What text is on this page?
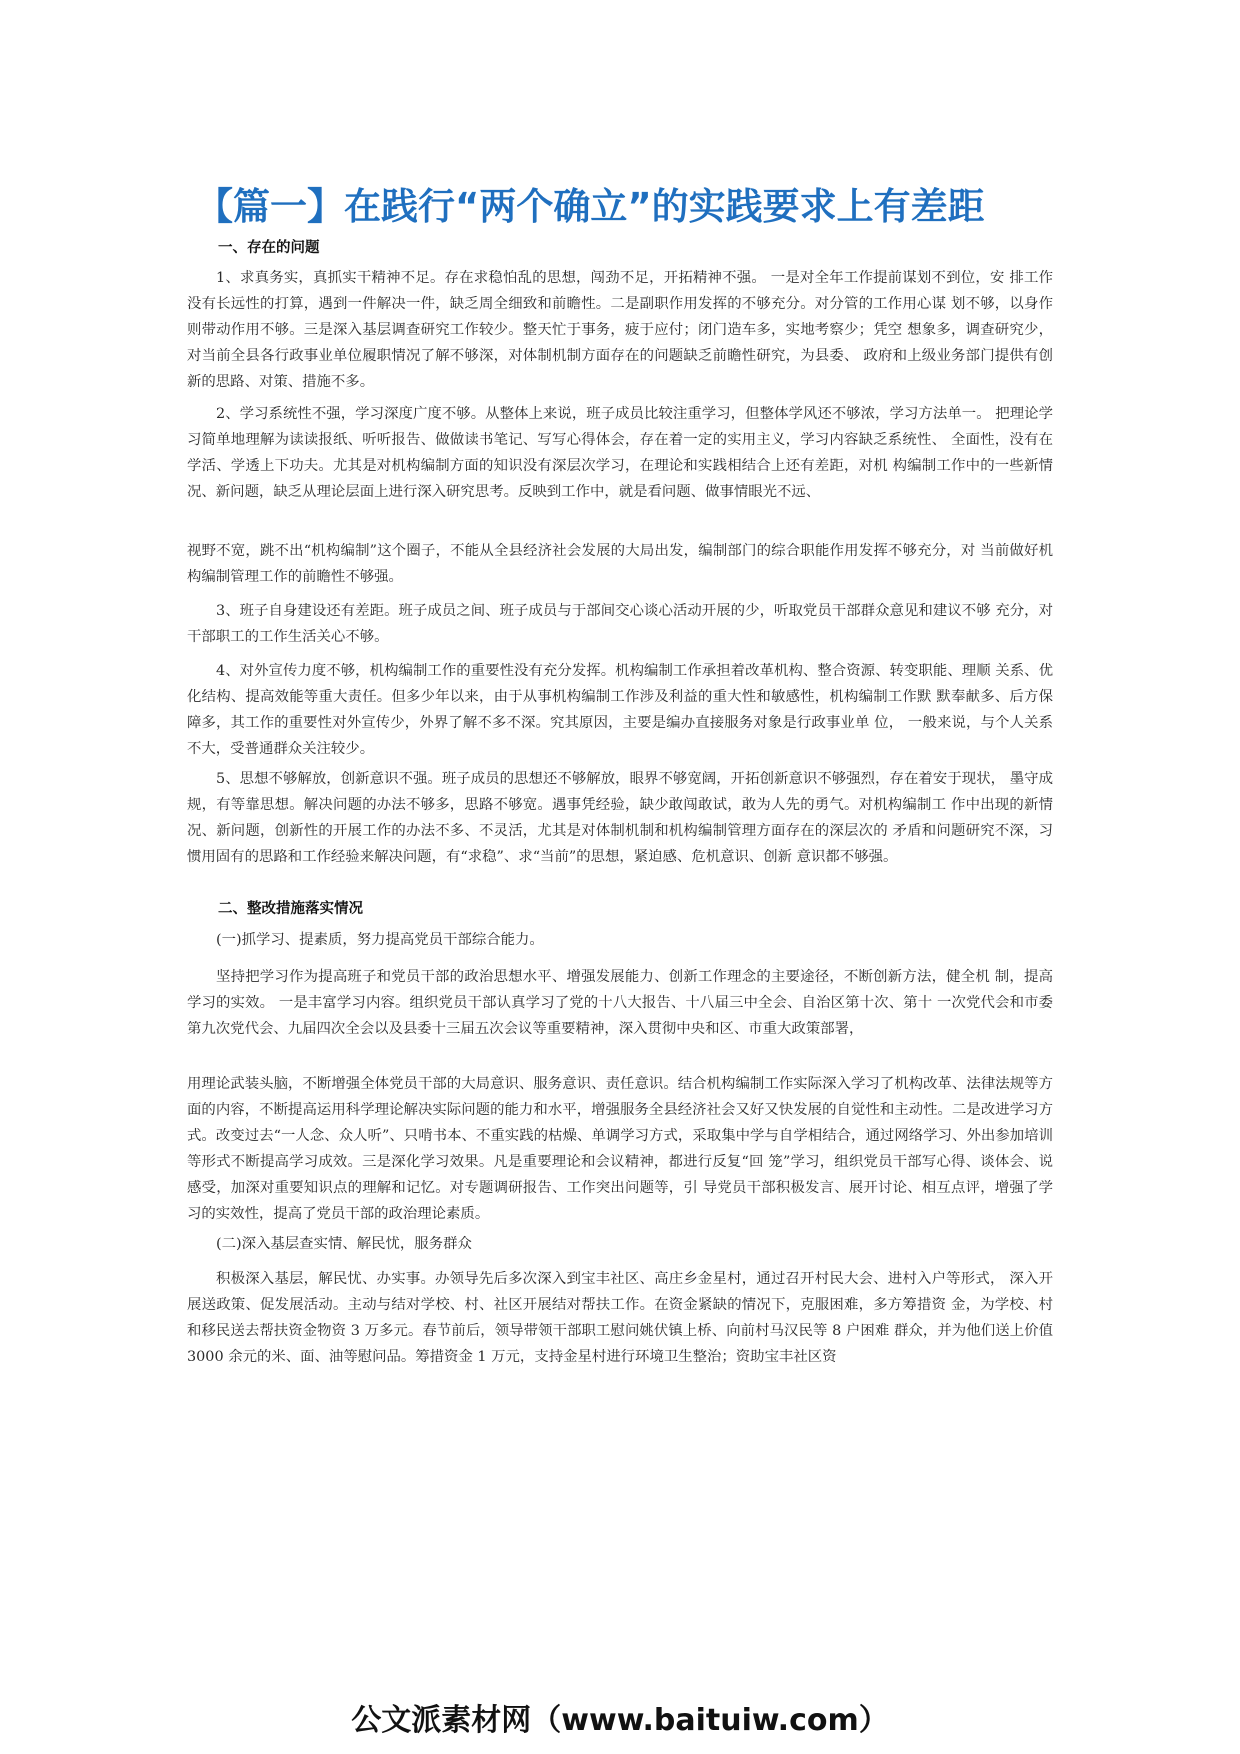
【篇一】在践行“两个确立”的实践要求上有差距
一、存在的问题

1、求真务实，真抓实干精神不足。存在求稳怕乱的思想，闯劲不足，开拓精神不强。 一是对全年工作提前谋划不到位，安 排工作没有长远性的打算，遇到一件解决一件，缺乏周全细致和前瞻性。二是副职作用发挥的不够充分。对分管的工作用心谋 划不够，以身作则带动作用不够。三是深入基层调查研究工作较少。整天忙于事务，疲于应付；闭门造车多，实地考察少；凭空 想象多，调查研究少，对当前全县各行政事业单位履职情况了解不够深，对体制机制方面存在的问题缺乏前瞻性研究，为县委、 政府和上级业务部门提供有创新的思路、对策、措施不多。

2、学习系统性不强，学习深度广度不够。从整体上来说，班子成员比较注重学习，但整体学风还不够浓，学习方法单一。 把理论学习简单地理解为读读报纸、听听报告、做做读书笔记、写写心得体会，存在着一定的实用主义，学习内容缺乏系统性、 全面性，没有在学活、学透上下功夫。尤其是对机构编制方面的知识没有深层次学习，在理论和实践相结合上还有差距，对机 构编制工作中的一些新情况、新问题，缺乏从理论层面上进行深入研究思考。反映到工作中，就是看问题、做事情眼光不远、

视野不宽，跳不出“机构编制”这个圈子，不能从全县经济社会发展的大局出发，编制部门的综合职能作用发挥不够充分，对 当前做好机构编制管理工作的前瞻性不够强。

3、班子自身建设还有差距。班子成员之间、班子成员与于部间交心谈心活动开展的少，听取党员干部群众意见和建议不够 充分，对干部职工的工作生活关心不够。

4、对外宣传力度不够，机构编制工作的重要性没有充分发挥。机构编制工作承担着改革机构、整合资源、转变职能、理顺 关系、优化结构、提高效能等重大责任。但多少年以来，由于从事机构编制工作涉及利益的重大性和敏感性，机构编制工作默 默奉献多、后方保障多，其工作的重要性对外宣传少，外界了解不多不深。究其原因，主要是编办直接服务对象是行政事业单 位， 一般来说，与个人关系不大，受普通群众关注较少。

5、思想不够解放，创新意识不强。班子成员的思想还不够解放，眼界不够宽阔，开拓创新意识不够强烈，存在着安于现状， 墨守成规，有等靠思想。解决问题的办法不够多，思路不够宽。遇事凭经验，缺少敢闯敢试，敢为人先的勇气。对机构编制工 作中出现的新情况、新问题，创新性的开展工作的办法不多、不灵活，尤其是对体制机制和机构编制管理方面存在的深层次的 矛盾和问题研究不深，习惯用固有的思路和工作经验来解决问题，有“求稳”、求“当前”的思想，紧迫感、危机意识、创新 意识都不够强。

二、整改措施落实情况

(一)抓学习、提素质，努力提高党员干部综合能力。

坚持把学习作为提高班子和党员干部的政治思想水平、增强发展能力、创新工作理念的主要途径，不断创新方法，健全机 制，提高学习的实效。 一是丰富学习内容。组织党员干部认真学习了党的十八大报告、十八届三中全会、自治区第十次、第十 一次党代会和市委第九次党代会、九届四次全会以及县委十三届五次会议等重要精神，深入贯彻中央和区、市重大政策部署，

用理论武装头脑，不断增强全体党员干部的大局意识、服务意识、责任意识。结合机构编制工作实际深入学习了机构改革、法律法规等方面的内容，不断提高运用科学理论解决实际问题的能力和水平，增强服务全县经济社会又好又快发展的自觉性和主动性。二是改进学习方式。改变过去“一人念、众人听”、只啃书本、不重实践的枯燥、单调学习方式，采取集中学与自学相结合，通过网络学习、外出参加培训等形式不断提高学习成效。三是深化学习效果。凡是重要理论和会议精神，都进行反复“回 笼”学习，组织党员干部写心得、谈体会、说感受，加深对重要知识点的理解和记忆。对专题调研报告、工作突出问题等，引 导党员干部积极发言、展开讨论、相互点评，增强了学习的实效性，提高了党员干部的政治理论素质。

(二)深入基层查实情、解民忧，服务群众

积极深入基层，解民忧、办实事。办领导先后多次深入到宝丰社区、高庄乡金星村，通过召开村民大会、进村入户等形式， 深入开展送政策、促发展活动。主动与结对学校、村、社区开展结对帮扶工作。在资金紧缺的情况下，克服困难，多方筹措资 金，为学校、村和移民送去帮扶资金物资 3 万多元。春节前后，领导带领干部职工慰问姚伏镇上桥、向前村马汉民等 8 户困难 群众，并为他们送上价值 3000 余元的米、面、油等慰问品。筹措资金 1 万元，支持金星村进行环境卫生整治；资助宝丰社区资

公文派素材网（www.baituiw.com）
